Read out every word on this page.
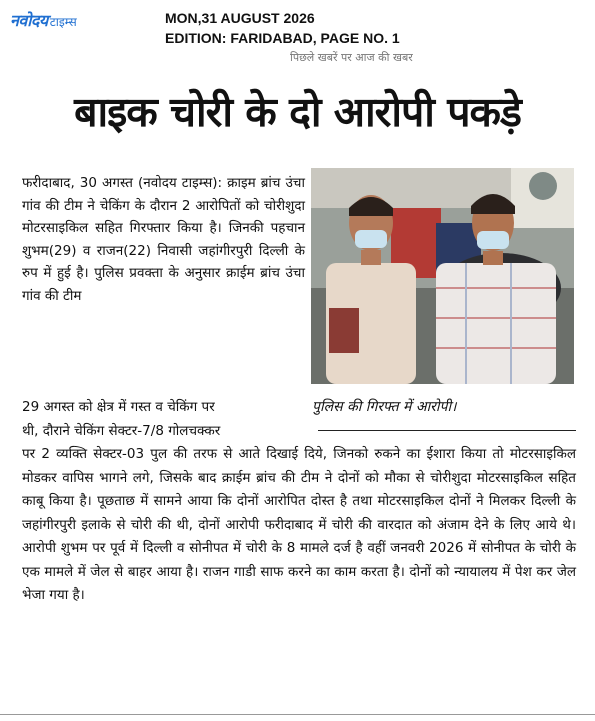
नवोदय टाइम्स	MON,31 AUGUST 2026
EDITION: FARIDABAD, PAGE NO. 1
पिछले खबरें पर आज की खबर
बाइक चोरी के दो आरोपी पकड़े
फरीदाबाद, 30 अगस्त (नवोदय टाइम्स): क्राइम ब्रांच उंचा गांव की टीम ने चेकिंग के दौरान 2 आरोपितों को चोरीशुदा मोटरसाइकिल सहित गिरफ्तार किया है। जिनकी पहचान शुभम(29) व राजन(22) निवासी जहांगीरपुरी दिल्ली के रुप में हुई है। पुलिस प्रवक्ता के अनुसार क्राईम ब्रांच उंचा गांव की टीम
पुलिस की गिरफ्त में आरोपी।
29 अगस्त को क्षेत्र में गस्त व चेकिंग पर
थी, दौराने चेकिंग सेक्टर-7/8 गोलचक्कर
पर 2 व्यक्ति सेक्टर-03 पुल की तरफ से आते दिखाई दिये, जिनको रुकने का ईशारा किया तो मोटरसाइकिल मोडकर वापिस भागने लगे, जिसके बाद क्राईम ब्रांच की टीम ने दोनों को मौका से चोरीशुदा मोटरसाइकिल सहित काबू किया है। पूछताछ में सामने आया कि दोनों आरोपित दोस्त है तथा मोटरसाइकिल दोनों ने मिलकर दिल्ली के जहांगीरपुरी इलाके से चोरी की थी, दोनों आरोपी फरीदाबाद में चोरी की वारदात को अंजाम देने के लिए आये थे। आरोपी शुभम पर पूर्व में दिल्ली व सोनीपत में चोरी के 8 मामले दर्ज है वहीं जनवरी 2026 में सोनीपत के चोरी के एक मामले में जेल से बाहर आया है। राजन गाडी साफ करने का काम करता है। दोनों को न्यायालय में पेश कर जेल भेजा गया है।
